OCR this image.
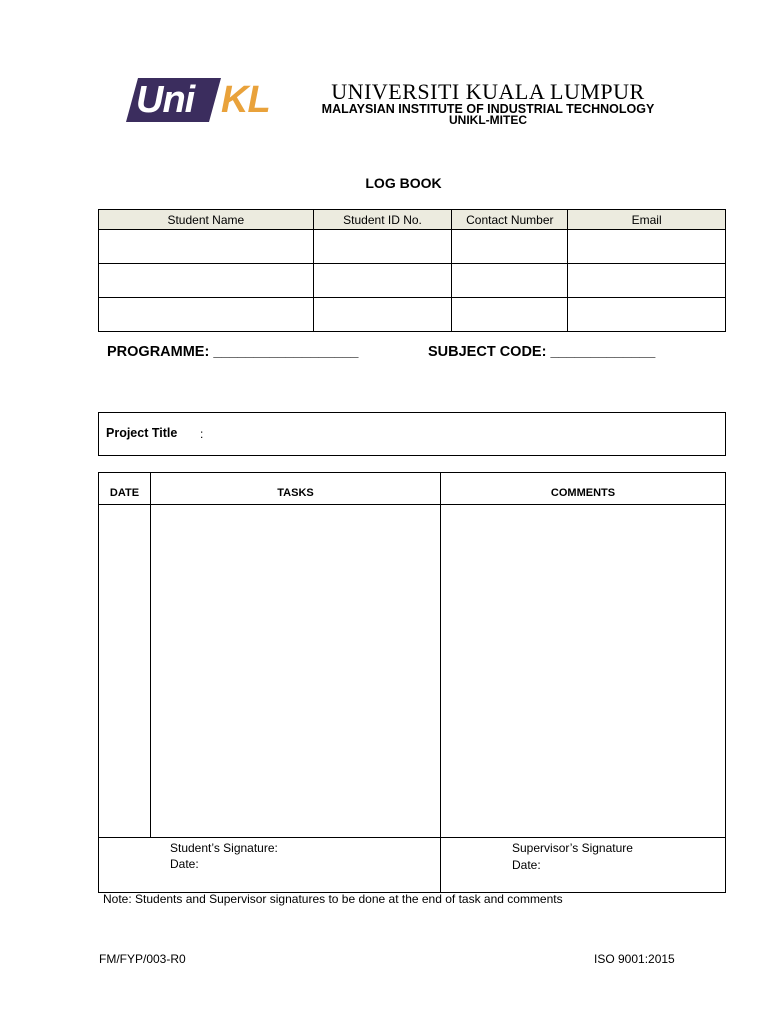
Uni KL	UNIVERSITI KUALA LUMPUR
MALAYSIAN INSTITUTE OF INDUSTRIAL TECHNOLOGY
UNIKL-MITEC
LOG BOOK
Student Name	Student ID No.	Contact Number	Email

PROGRAMME: __________________	SUBJECT CODE: _____________
Project Title :
DATE	TASKS	COMMENTS
Student’s Signature:
Date:
Supervisor’s Signature
Date:
Note: Students and Supervisor signatures to be done at the end of task and comments
FM/FYP/003-R0	ISO 9001:2015
